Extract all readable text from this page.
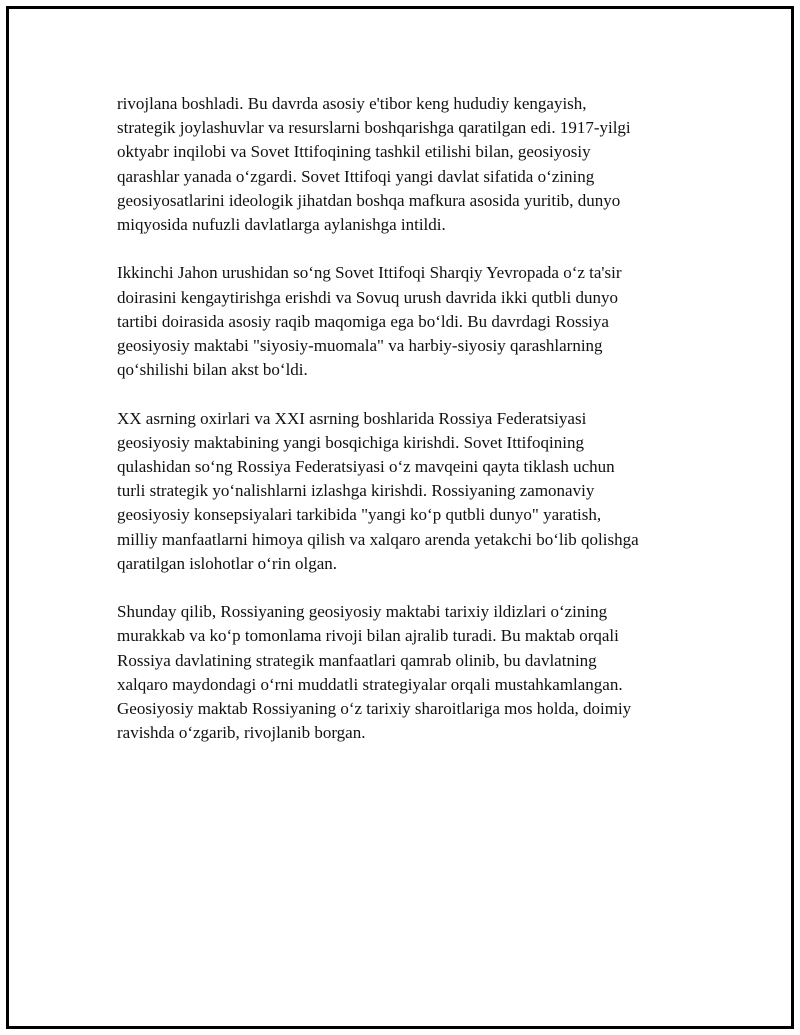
rivojlana boshladi. Bu davrda asosiy e'tibor keng hududiy kengayish,
strategik joylashuvlar va resurslarni boshqarishga qaratilgan edi. 1917-yilgi
oktyabr inqilobi va Sovet Ittifoqining tashkil etilishi bilan, geosiyosiy
qarashlar yanada o‘zgardi. Sovet Ittifoqi yangi davlat sifatida o‘zining
geosiyosatlarini ideologik jihatdan boshqa mafkura asosida yuritib, dunyo
miqyosida nufuzli davlatlarga aylanishga intildi.

Ikkinchi Jahon urushidan so‘ng Sovet Ittifoqi Sharqiy Yevropada o‘z ta'sir
doirasini kengaytirishga erishdi va Sovuq urush davrida ikki qutbli dunyo
tartibi doirasida asosiy raqib maqomiga ega bo‘ldi. Bu davrdagi Rossiya
geosiyosiy maktabi "siyosiy-muomala" va harbiy-siyosiy qarashlarning
qo‘shilishi bilan akst bo‘ldi.

XX asrning oxirlari va XXI asrning boshlarida Rossiya Federatsiyasi
geosiyosiy maktabining yangi bosqichiga kirishdi. Sovet Ittifoqining
qulashidan so‘ng Rossiya Federatsiyasi o‘z mavqeini qayta tiklash uchun
turli strategik yo‘nalishlarni izlashga kirishdi. Rossiyaning zamonaviy
geosiyosiy konsepsiyalari tarkibida "yangi ko‘p qutbli dunyo" yaratish,
milliy manfaatlarni himoya qilish va xalqaro arenda yetakchi bo‘lib qolishga
qaratilgan islohotlar o‘rin olgan.

Shunday qilib, Rossiyaning geosiyosiy maktabi tarixiy ildizlari o‘zining
murakkab va ko‘p tomonlama rivoji bilan ajralib turadi. Bu maktab orqali
Rossiya davlatining strategik manfaatlari qamrab olinib, bu davlatning
xalqaro maydondagi o‘rni muddatli strategiyalar orqali mustahkamlangan.
Geosiyosiy maktab Rossiyaning o‘z tarixiy sharoitlariga mos holda, doimiy
ravishda o‘zgarib, rivojlanib borgan.
